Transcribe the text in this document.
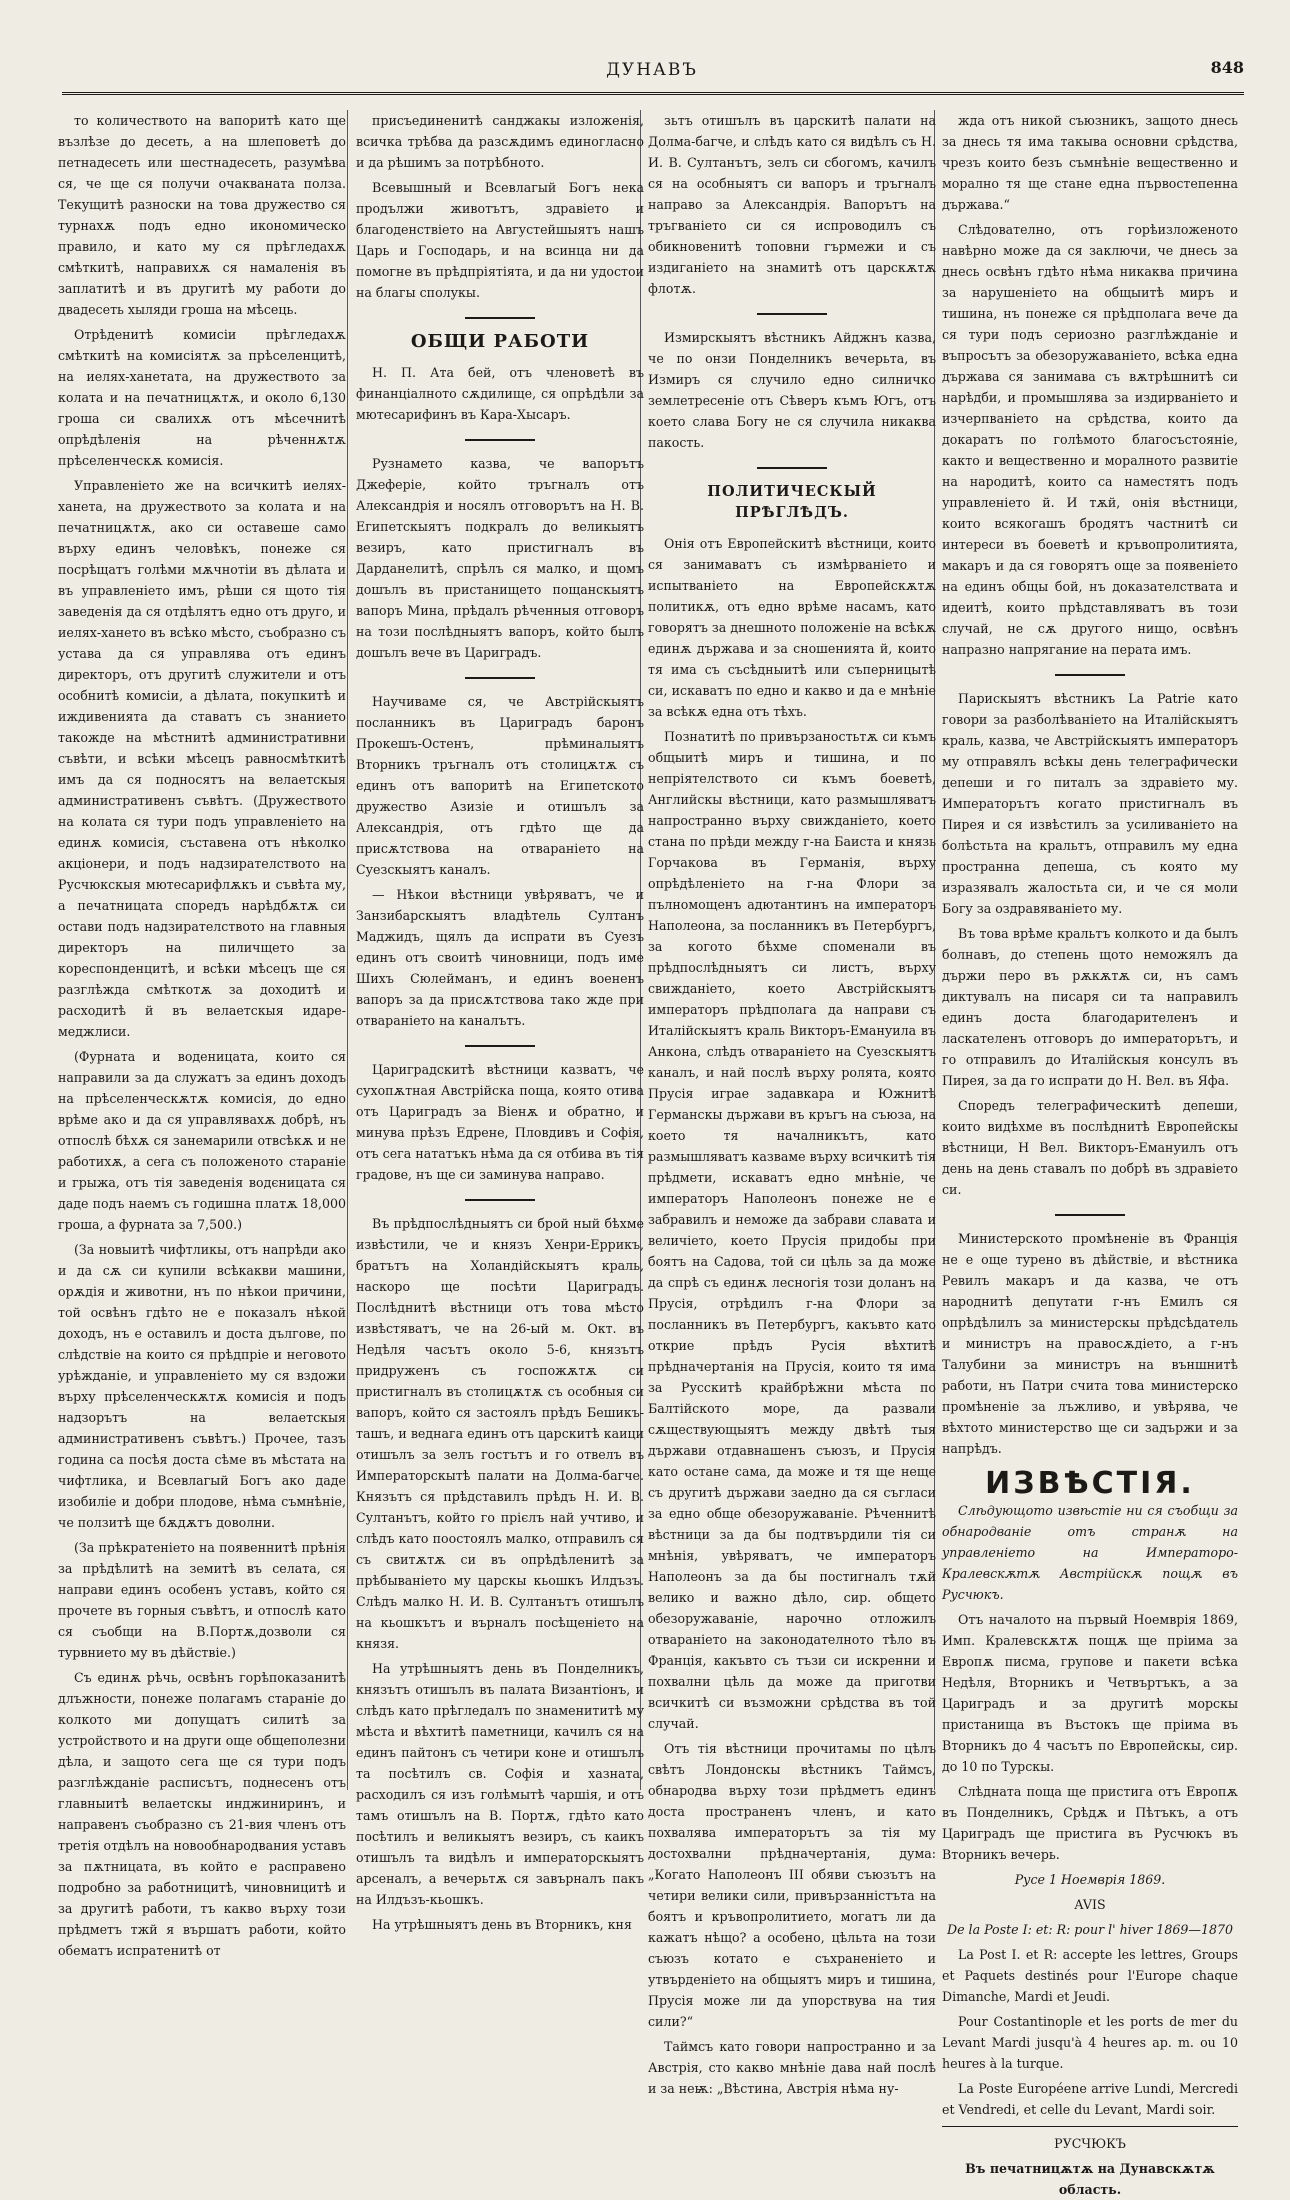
ДУНАВЪ	848

то количеството на вапоритѣ като ще възлѣзе до десеть, а на шлеповетѣ до петнадесеть или шестнадесеть, разумѣва ся, че ще ся получи очакваната полза. Текущитѣ разноски на това дружество ся турнахѫ подъ едно икономическо правило, и като му ся прѣгледахѫ смѣткитѣ, направихѫ ся намаленія въ заплатитѣ и въ другитѣ му работи до двадесеть хыляди гроша на мѣсець.

Отрѣденитѣ комисіи прѣгледахѫ смѣткитѣ на комисіятѫ за прѣселенцитѣ, на иелях-ханетата, на дружеството за колата и на печатницѫтѫ, и около 6,130 гроша си свалихѫ отъ мѣсечнитѣ опрѣдѣленія на рѣченнѫтѫ прѣселенческѫ комисія.

Управленіето же на всичкитѣ иелях-ханета, на дружеството за колата и на печатницѫтѫ, ако си оставеше само върху единъ человѣкъ, понеже ся посрѣщатъ голѣми мѫчнотіи въ дѣлата и въ управленіето имъ, рѣши ся щото тія заведенія да ся отдѣлятъ едно отъ друго, и иелях-хането въ всѣко мѣсто, съобразно съ устава да ся управлява отъ единъ директоръ, отъ другитѣ служители и отъ особнитѣ комисіи, а дѣлата, покупкитѣ и иждивенията да ставатъ съ знанието такожде на мѣстнитѣ административни съвѣти, и всѣки мѣсецъ равносмѣткитѣ имъ да ся подносятъ на велаетскыя административенъ съвѣтъ. (Дружеството на колата ся тури подъ управленіето на единѫ комисія, съставена отъ нѣколко акціонери, и подъ надзирателството на Русчюкскыя мютесарифлѫкъ и съвѣта му, а печатницата споредъ нарѣдбѫтѫ си остави подъ надзирателството на главныя директоръ на пиличщето за кореспонденцитѣ, и всѣки мѣсецъ ще ся разглѣжда смѣткотѫ за доходитѣ и расходитѣ й въ велаетскыя идаре-меджлиси.

(Фурната и воденицата, които ся направили за да служатъ за единъ доходъ на прѣселенческѫтѫ комисія, до едно врѣме ако и да ся управлявахѫ добрѣ, нъ отпослѣ бѣхѫ ся занемарили отвсѣкѫ и не работихѫ, а сега съ положеното стараніе и грыжа, отъ тія заведенія водєницата ся даде подъ наемъ съ годишна платѫ 18,000 гроша, а фурната за 7,500.)

(За новыитѣ чифтликы, отъ напрѣди ако и да сѫ си купили всѣкакви машини, орѫдія и животни, нъ по нѣкои причини, той освѣнъ гдѣто не е показалъ нѣкой доходъ, нъ е оставилъ и доста дългове, по слѣдствіе на които ся прѣдпріе и неговото урѣжданіе, и управленіето му ся вздожи върху прѣселенческѫтѫ комисія и подъ надзорътъ на велаетскыя административенъ съвѣтъ.) Прочее, тазъ година са посѣя доста сѣме въ мѣстата на чифтлика, и Всевлагый Богъ ако даде изобиліе и добри плодове, нѣма съмнѣніе, че ползитѣ ще бѫдѫтъ доволни.

(За прѣкратеніето на появеннитѣ прѣнія за прѣдѣлитѣ на земитѣ въ селата, ся направи единъ особенъ уставъ, който ся прочете въ горныя съвѣтъ, и отпослѣ като ся съобщи на В.Портѫ,дозволи ся турвнието му въ дѣйствіе.)

Съ единѫ рѣчь, освѣнъ горѣпоказанитѣ длъжности, понеже полагамъ стараніе до колкото ми допущатъ силитѣ за устройството и на други още общеполезни дѣла, и защото сега ще ся тури подъ разглѣжданіе расписътъ, поднесенъ отъ главныитѣ велаетскы инджиниринъ, и направенъ съобразно съ 21-вия членъ отъ третія отдѣлъ на новообнародвания уставъ за пѫтницата, въ който е расправено подробно за работницитѣ, чиновницитѣ и за другитѣ работи, тъ какво върху този прѣдметъ тжй я вършатъ работи, който обематъ испратенитѣ от

присъединенитѣ санджакы изложенія, всичка трѣбва да разсѫдимъ единогласно и да рѣшимъ за потрѣбното.

Всевышный и Всевлагый Богъ нека продължи животътъ, здравіето и благоденствіето на Августейшыятъ нашъ Царь и Господарь, и на всинца ни да помогне въ прѣдпріятіята, и да ни удостои на благы сполукы.

ОБЩИ РАБОТИ

Н. П. Ата бей, отъ членоветѣ въ финанціалното сѫдилище, ся опрѣдѣли за мютесарифинъ въ Кара-Хысаръ.

Рузнамето казва, че вапорътъ Джеферіе, който тръгналъ отъ Александрія и носялъ отговорътъ на Н. В. Египетскыятъ подкралъ до великыятъ везиръ, като пристигналъ въ Дарданелитѣ, спрѣлъ ся малко, и щомъ дошълъ въ пристанището пощанскыятъ вапоръ Мина, прѣдалъ рѣченныя отговоръ на този послѣдныятъ вапоръ, който былъ дошълъ вече въ Цариградъ.

Научиваме ся, че Австрійскыятъ посланникъ въ Цариградъ баронъ Прокешъ-Остенъ, прѣминалыятъ Вторникъ тръгналъ отъ столицѫтѫ съ единъ отъ вапоритѣ на Египетското дружество Азизіе и отишълъ за Александрія, отъ гдѣто ще да присѫтствова на отвараніето на Суезскыятъ каналъ.

— Нѣкои вѣстници увѣряватъ, че и Занзибарскыятъ владѣтель Султанъ Маджидъ, щялъ да испрати въ Суезъ единъ отъ своитѣ чиновници, подъ име Шихъ Сюлейманъ, и единъ воененъ вапоръ за да присѫтствова тако жде при отвараніето на каналътъ.

Цариградскитѣ вѣстници казватъ, че сухопѫтная Австрійска поща, която отива отъ Цариградъ за Віенѫ и обратно, и минува прѣзъ Едрене, Пловдивъ и Софія, отъ сега нататъкъ нѣма да ся отбива въ тія градове, нъ ще си заминува направо.

Въ прѣдпослѣдныятъ си брой ный бѣхме извѣстили, че и князъ Хенри-Еррикъ, братътъ на Холандійскыятъ краль, наскоро ще посѣти Цариградъ. Послѣднитѣ вѣстници отъ това мѣсто извѣстяватъ, че на 26-ый м. Окт. въ Недѣля часътъ около 5-6, князътъ придруженъ съ госпожѫтѫ си пристигналъ въ столицѫтѫ съ особныя си вапоръ, който ся застоялъ прѣдъ Бешикъ-ташъ, и веднага единъ отъ царскитѣ каици отишълъ за зелъ гостътъ и го отвелъ въ Императорскытѣ палати на Долма-багче. Князътъ ся прѣдставилъ прѣдъ Н. И. В. Султанътъ, който го прієлъ най учтиво, и слѣдъ като поостоялъ малко, отправилъ ся съ свитѫтѫ си въ опрѣдѣленитѣ за прѣбываніето му царскы кьошкъ Илдъзъ. Слѣдъ малко Н. И. В. Султанътъ отишълъ на кьошкътъ и върналъ посѣщеніето на князя.

На утрѣшныятъ день въ Понделникъ, князътъ отишълъ въ палата Византіонъ, и слѣдъ като прѣгледалъ по знаменититѣ му мѣста и вѣхтитѣ паметници, качилъ ся на единъ пайтонъ съ четири коне и отишълъ та посѣтилъ св. Софія и хазната, расходилъ ся изъ голѣмытѣ чаршія, и отъ тамъ отишълъ на В. Портѫ, гдѣто като посѣтилъ и великыятъ везиръ, съ каикъ отишълъ та видѣлъ и императорскыятъ арсеналъ, а вечерьтѫ ся завърналъ пакъ на Илдъзъ-кьошкъ.

На утрѣшныятъ день въ Вторникъ, кня

зьтъ отишълъ въ царскитѣ палати на Долма-багче, и слѣдъ като ся видѣлъ съ Н. И. В. Султанътъ, зелъ си сбогомъ, качилъ ся на особныятъ си вапоръ и тръгналъ направо за Александрія. Вапорътъ на тръгваніето си ся испроводилъ съ обикновенитѣ топовни гърмежи и съ издиганіето на знамитѣ отъ царскѫтѫ флотѫ.

Измирскыятъ вѣстникъ Айджнъ казва, че по онзи Понделникъ вечерьта, въ Измиръ ся случило едно силничко землетресеніе отъ Сѣверъ къмъ Югъ, отъ което слава Богу не ся случила никаква пакость.

ПОЛИТИЧЕСКЫЙ ПРѢГЛѢДЪ.

Онія отъ Европейскитѣ вѣстници, които ся занимаватъ съ измѣрваніето и испытваніето на Европейскѫтѫ политикѫ, отъ едно врѣме насамъ, като говорятъ за днешното положеніе на всѣкѫ единѫ държава и за сношенията й, които тя има съ съсѣдныитѣ или съперницытѣ си, искаватъ по едно и какво и да е мнѣніе за всѣкѫ една отъ тѣхъ.

Познатитѣ по привързаностьтѫ си къмъ общыитѣ миръ и тишина, и по непріятелството си къмъ боеветѣ, Английскы вѣстници, като размышляватъ напространно върху свижданіето, което стана по прѣди между г-на Баиста и князь Горчакова въ Германія, върху опрѣдѣленіето на г-на Флори за пълномощенъ адютантинъ на императоръ Наполеона, за посланникъ въ Петербургъ, за когото бѣхме споменали въ прѣдпослѣдныятъ си листъ, върху свижданіето, което Австрійскыятъ императоръ прѣдполага да направи съ Италійскыятъ краль Викторъ-Емануила въ Анкона, слѣдъ отвараніето на Суезскыятъ каналъ, и най послѣ върху ролята, която Прусія играе задавкара и Южнитѣ Германскы държави въ кръгъ на съюза, на което тя началникътъ, като размышляватъ казваме върху всичкитѣ тія прѣдмети, искаватъ едно мнѣніе, че императоръ Наполеонъ понеже не е забравилъ и неможе да забрави славата и величіето, което Прусія придобы при боятъ на Садова, той си цѣль за да може да спрѣ съ единѫ лесногія този доланъ на Прусія, отрѣдилъ г-на Флори за посланникъ въ Петербургъ, какъвто като открие прѣдъ Русія вѣхтитѣ прѣдначертанія на Прусія, които тя има за Русскитѣ крайбрѣжни мѣста по Балтійското море, да развали сѫществующыятъ между двѣтѣ тыя държави отдавнашенъ съюзъ, и Прусія като остане сама, да може и тя ще неще съ другитѣ държави заедно да ся съгласи за едно обще обезоружаваніе. Рѣченнитѣ вѣстници за да бы подтвърдили тія си мнѣнія, увѣряватъ, че императоръ Наполеонъ за да бы постигналъ тѫй велико и важно дѣло, сир. общето обезоружаваніе, нарочно отложилъ отвараніето на законодателното тѣло въ Франція, какъвто съ тъзи си искренни и похвални цѣль да може да приготви всичкитѣ си възможни срѣдства въ той случай.

Отъ тія вѣстници прочитамы по цѣлъ свѣтъ Лондонскы вѣстникъ Таймсъ, обнародва върху този прѣдметъ единъ доста пространенъ членъ, и като похвалява императорътъ за тія му достохвални прѣдначертанія, дума: „Когато Наполеонъ III обяви съюзътъ на четири велики сили, привързанністъта на боятъ и кръвопролитието, могатъ ли да кажатъ нѣщо? а особено, цѣльта на този съюзъ котато е съхраненіето и утвърденіето на общыятъ миръ и тишина, Прусія може ли да упорствува на тия сили?“

Таймсъ като говори напространно и за Австрія, сто какво мнѣніе дава най послѣ и за неѭ: „Вѣстина, Австрія нѣма ну-

жда отъ никой съюзникъ, защото днесь за днесь тя има такыва основни срѣдства, чрезъ които безъ съмнѣніе вещественно и морално тя ще стане една първостепенна държава.“

Слѣдователно, отъ горѣизложеното навѣрно може да ся заключи, че днесь за днесь освѣнъ гдѣто нѣма никаква причина за нарушеніето на общыитѣ миръ и тишина, нъ понеже ся прѣдполага вече да ся тури подъ сериозно разглѣжданіе и въпросътъ за обезоружаваніето, всѣка една държава ся занимава съ вѫтрѣшнитѣ си нарѣдби, и промышлява за издирваніето и изчерпваніето на срѣдства, които да докаратъ по голѣмото благосъстояніе, както и вещественно и моралното развитіе на народитѣ, които са наместятъ подъ управленіето й. И тѫй, онія вѣстници, които всякогашъ бродятъ частнитѣ си интереси въ боеветѣ и кръвопролитията, макаръ и да ся говорятъ още за появеніето на единъ общы бой, нъ доказателствата и идеитѣ, които прѣдставляватъ въ този случай, не сѫ другого нищо, освѣнъ напразно напрягание на перата имъ.

Парискыятъ вѣстникъ La Patrie като говори за разболѣваніето на Италійскыятъ краль, казва, че Австрійскыятъ императоръ му отправялъ всѣкы день телеграфически депеши и го питалъ за здравіето му. Императорътъ когато пристигналъ въ Пирея и ся извѣстилъ за усиливаніето на болѣстьта на кральтъ, отправилъ му една пространна депеша, съ която му изразявалъ жалостьта си, и че ся моли Богу за оздравяваніето му.

Въ това врѣме кральтъ колкото и да былъ болнавъ, до степень щото неможялъ да държи перо въ рѫкѫтѫ си, нъ самъ диктувалъ на писаря си та направилъ единъ доста благодарителенъ и ласкателенъ отговоръ до императорътъ, и го отправилъ до Италійскыя консулъ въ Пирея, за да го испрати до Н. Вел. въ Яфа.

Споредъ телеграфическитѣ депеши, които видѣхме въ послѣднитѣ Европейскы вѣстници, Н Вел. Викторъ-Емануилъ отъ день на день ставалъ по добрѣ въ здравіето си.

Министерското промѣненіе въ Франція не е още турено въ дѣйствіе, и вѣстника Ревилъ макаръ и да казва, че отъ народнитѣ депутати г-нъ Емилъ ся опрѣдѣлилъ за министерскы прѣдсѣдатель и министръ на правосѫдіето, а г-нъ Талубини за министръ на външнитѣ работи, нъ Патри счита това министерско промѣненіе за лъжливо, и увѣрява, че вѣхтото министерство ще си задържи и за напрѣдъ.

ИЗВѢСТІЯ.

Слѣдующото извѣстіе ни ся съобщи за обнародваніе отъ странѫ на управленіето на Императоро-Кралевскѫтѫ Австрійскѫ пощѫ въ Русчюкъ.

Отъ началото на първый Ноемврія 1869, Имп. Кралевскѫтѫ пощѫ ще пріима за Европѫ писма, групове и пакети всѣка Недѣля, Вторникъ и Четвъртъкъ, а за Цариградъ и за другитѣ морскы пристанища въ Въстокъ ще пріима въ Вторникъ до 4 часътъ по Европейскы, сир. до 10 по Турскы.

Слѣдната поща ще пристига отъ Европѫ въ Понделникъ, Срѣдѫ и Пѣтъкъ, а отъ Цариградъ ще пристига въ Русчюкъ въ Вторникъ вечерь.

Русе 1 Ноемврія 1869.

AVIS

De la Poste I: et: R: pour l' hiver 1869—1870

La Post I. et R: accepte les lettres, Groups et Paquets destinés pour l'Europe chaque Dimanche, Mardi et Jeudi.

Pour Costantinople et les ports de mer du Levant Mardi jusqu'à 4 heures ap. m. ou 10 heures à la turque.

La Poste Européene arrive Lundi, Mercredi et Vendredi, et celle du Levant, Mardi soir.

РУСЧЮКЪ

Въ печатницѫтѫ на Дунавскѫтѫ область.
